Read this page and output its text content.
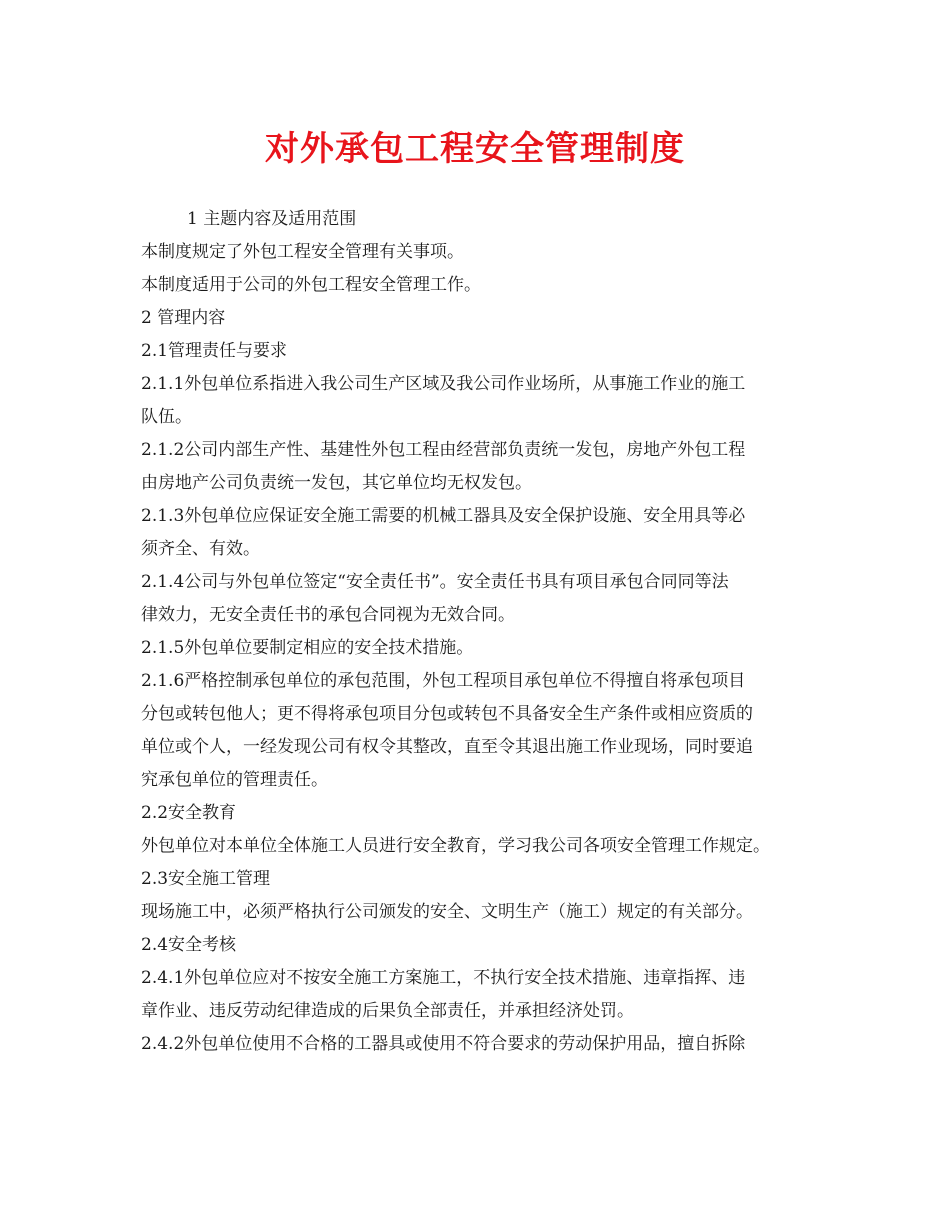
对外承包工程安全管理制度

1 主题内容及适用范围

本制度规定了外包工程安全管理有关事项。

本制度适用于公司的外包工程安全管理工作。

2 管理内容

2.1管理责任与要求

2.1.1外包单位系指进入我公司生产区域及我公司作业场所，从事施工作业的施工

队伍。

2.1.2公司内部生产性、基建性外包工程由经营部负责统一发包，房地产外包工程

由房地产公司负责统一发包，其它单位均无权发包。

2.1.3外包单位应保证安全施工需要的机械工器具及安全保护设施、安全用具等必

须齐全、有效。

2.1.4公司与外包单位签定“安全责任书”。安全责任书具有项目承包合同同等法

律效力，无安全责任书的承包合同视为无效合同。

2.1.5外包单位要制定相应的安全技术措施。

2.1.6严格控制承包单位的承包范围，外包工程项目承包单位不得擅自将承包项目

分包或转包他人；更不得将承包项目分包或转包不具备安全生产条件或相应资质的

单位或个人，一经发现公司有权令其整改，直至令其退出施工作业现场，同时要追

究承包单位的管理责任。

2.2安全教育

外包单位对本单位全体施工人员进行安全教育，学习我公司各项安全管理工作规定。

2.3安全施工管理

现场施工中，必须严格执行公司颁发的安全、文明生产（施工）规定的有关部分。

2.4安全考核

2.4.1外包单位应对不按安全施工方案施工，不执行安全技术措施、违章指挥、违

章作业、违反劳动纪律造成的后果负全部责任，并承担经济处罚。

2.4.2外包单位使用不合格的工器具或使用不符合要求的劳动保护用品，擅自拆除
